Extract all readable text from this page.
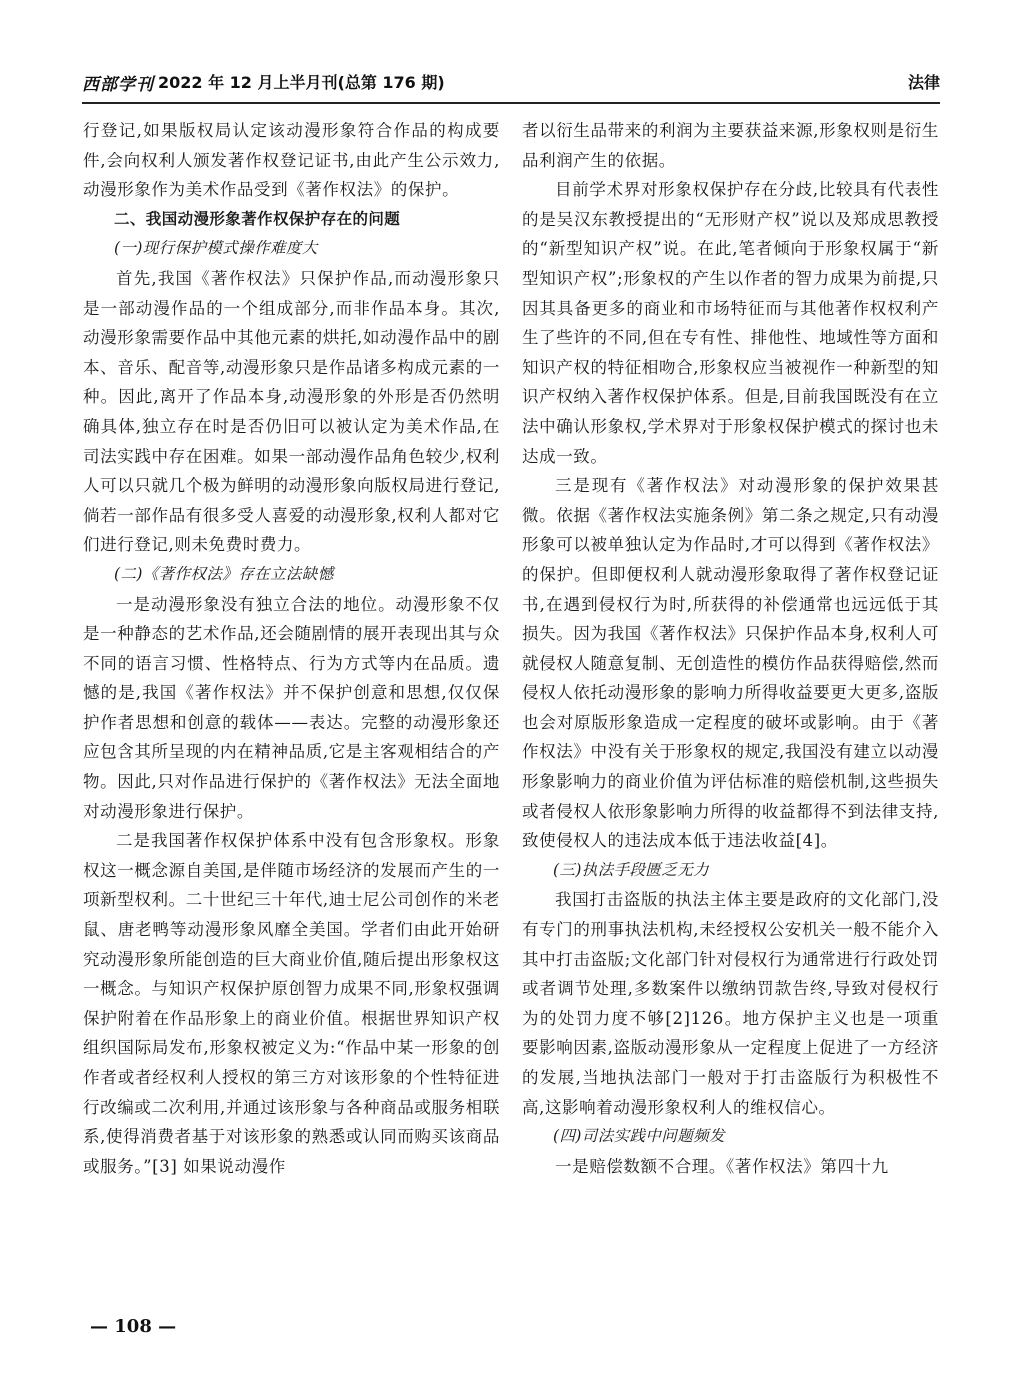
西部学刊 2022 年 12 月上半月刊(总第 176 期)	法律

行登记,如果版权局认定该动漫形象符合作品的构成要件,会向权利人颁发著作权登记证书,由此产生公示效力,动漫形象作为美术作品受到《著作权法》的保护。

二、我国动漫形象著作权保护存在的问题

(一)现行保护模式操作难度大

首先,我国《著作权法》只保护作品,而动漫形象只是一部动漫作品的一个组成部分,而非作品本身。其次,动漫形象需要作品中其他元素的烘托,如动漫作品中的剧本、音乐、配音等,动漫形象只是作品诸多构成元素的一种。因此,离开了作品本身,动漫形象的外形是否仍然明确具体,独立存在时是否仍旧可以被认定为美术作品,在司法实践中存在困难。如果一部动漫作品角色较少,权利人可以只就几个极为鲜明的动漫形象向版权局进行登记,倘若一部作品有很多受人喜爱的动漫形象,权利人都对它们进行登记,则未免费时费力。

(二)《著作权法》存在立法缺憾

一是动漫形象没有独立合法的地位。动漫形象不仅是一种静态的艺术作品,还会随剧情的展开表现出其与众不同的语言习惯、性格特点、行为方式等内在品质。遗憾的是,我国《著作权法》并不保护创意和思想,仅仅保护作者思想和创意的载体——表达。完整的动漫形象还应包含其所呈现的内在精神品质,它是主客观相结合的产物。因此,只对作品进行保护的《著作权法》无法全面地对动漫形象进行保护。

二是我国著作权保护体系中没有包含形象权。形象权这一概念源自美国,是伴随市场经济的发展而产生的一项新型权利。二十世纪三十年代,迪士尼公司创作的米老鼠、唐老鸭等动漫形象风靡全美国。学者们由此开始研究动漫形象所能创造的巨大商业价值,随后提出形象权这一概念。与知识产权保护原创智力成果不同,形象权强调保护附着在作品形象上的商业价值。根据世界知识产权组织国际局发布,形象权被定义为:“作品中某一形象的创作者或者经权利人授权的第三方对该形象的个性特征进行改编或二次利用,并通过该形象与各种商品或服务相联系,使得消费者基于对该形象的熟悉或认同而购买该商品或服务。”[3] 如果说动漫作

者以衍生品带来的利润为主要获益来源,形象权则是衍生品利润产生的依据。

目前学术界对形象权保护存在分歧,比较具有代表性的是吴汉东教授提出的“无形财产权”说以及郑成思教授的“新型知识产权”说。在此,笔者倾向于形象权属于“新型知识产权”;形象权的产生以作者的智力成果为前提,只因其具备更多的商业和市场特征而与其他著作权权利产生了些许的不同,但在专有性、排他性、地域性等方面和知识产权的特征相吻合,形象权应当被视作一种新型的知识产权纳入著作权保护体系。但是,目前我国既没有在立法中确认形象权,学术界对于形象权保护模式的探讨也未达成一致。

三是现有《著作权法》对动漫形象的保护效果甚微。依据《著作权法实施条例》第二条之规定,只有动漫形象可以被单独认定为作品时,才可以得到《著作权法》的保护。但即便权利人就动漫形象取得了著作权登记证书,在遇到侵权行为时,所获得的补偿通常也远远低于其损失。因为我国《著作权法》只保护作品本身,权利人可就侵权人随意复制、无创造性的模仿作品获得赔偿,然而侵权人依托动漫形象的影响力所得收益要更大更多,盗版也会对原版形象造成一定程度的破坏或影响。由于《著作权法》中没有关于形象权的规定,我国没有建立以动漫形象影响力的商业价值为评估标准的赔偿机制,这些损失或者侵权人依形象影响力所得的收益都得不到法律支持,致使侵权人的违法成本低于违法收益[4]。

(三)执法手段匮乏无力

我国打击盗版的执法主体主要是政府的文化部门,没有专门的刑事执法机构,未经授权公安机关一般不能介入其中打击盗版;文化部门针对侵权行为通常进行行政处罚或者调节处理,多数案件以缴纳罚款告终,导致对侵权行为的处罚力度不够[2]126。地方保护主义也是一项重要影响因素,盗版动漫形象从一定程度上促进了一方经济的发展,当地执法部门一般对于打击盗版行为积极性不高,这影响着动漫形象权利人的维权信心。

(四)司法实践中问题频发

一是赔偿数额不合理。《著作权法》第四十九

— 108 —
